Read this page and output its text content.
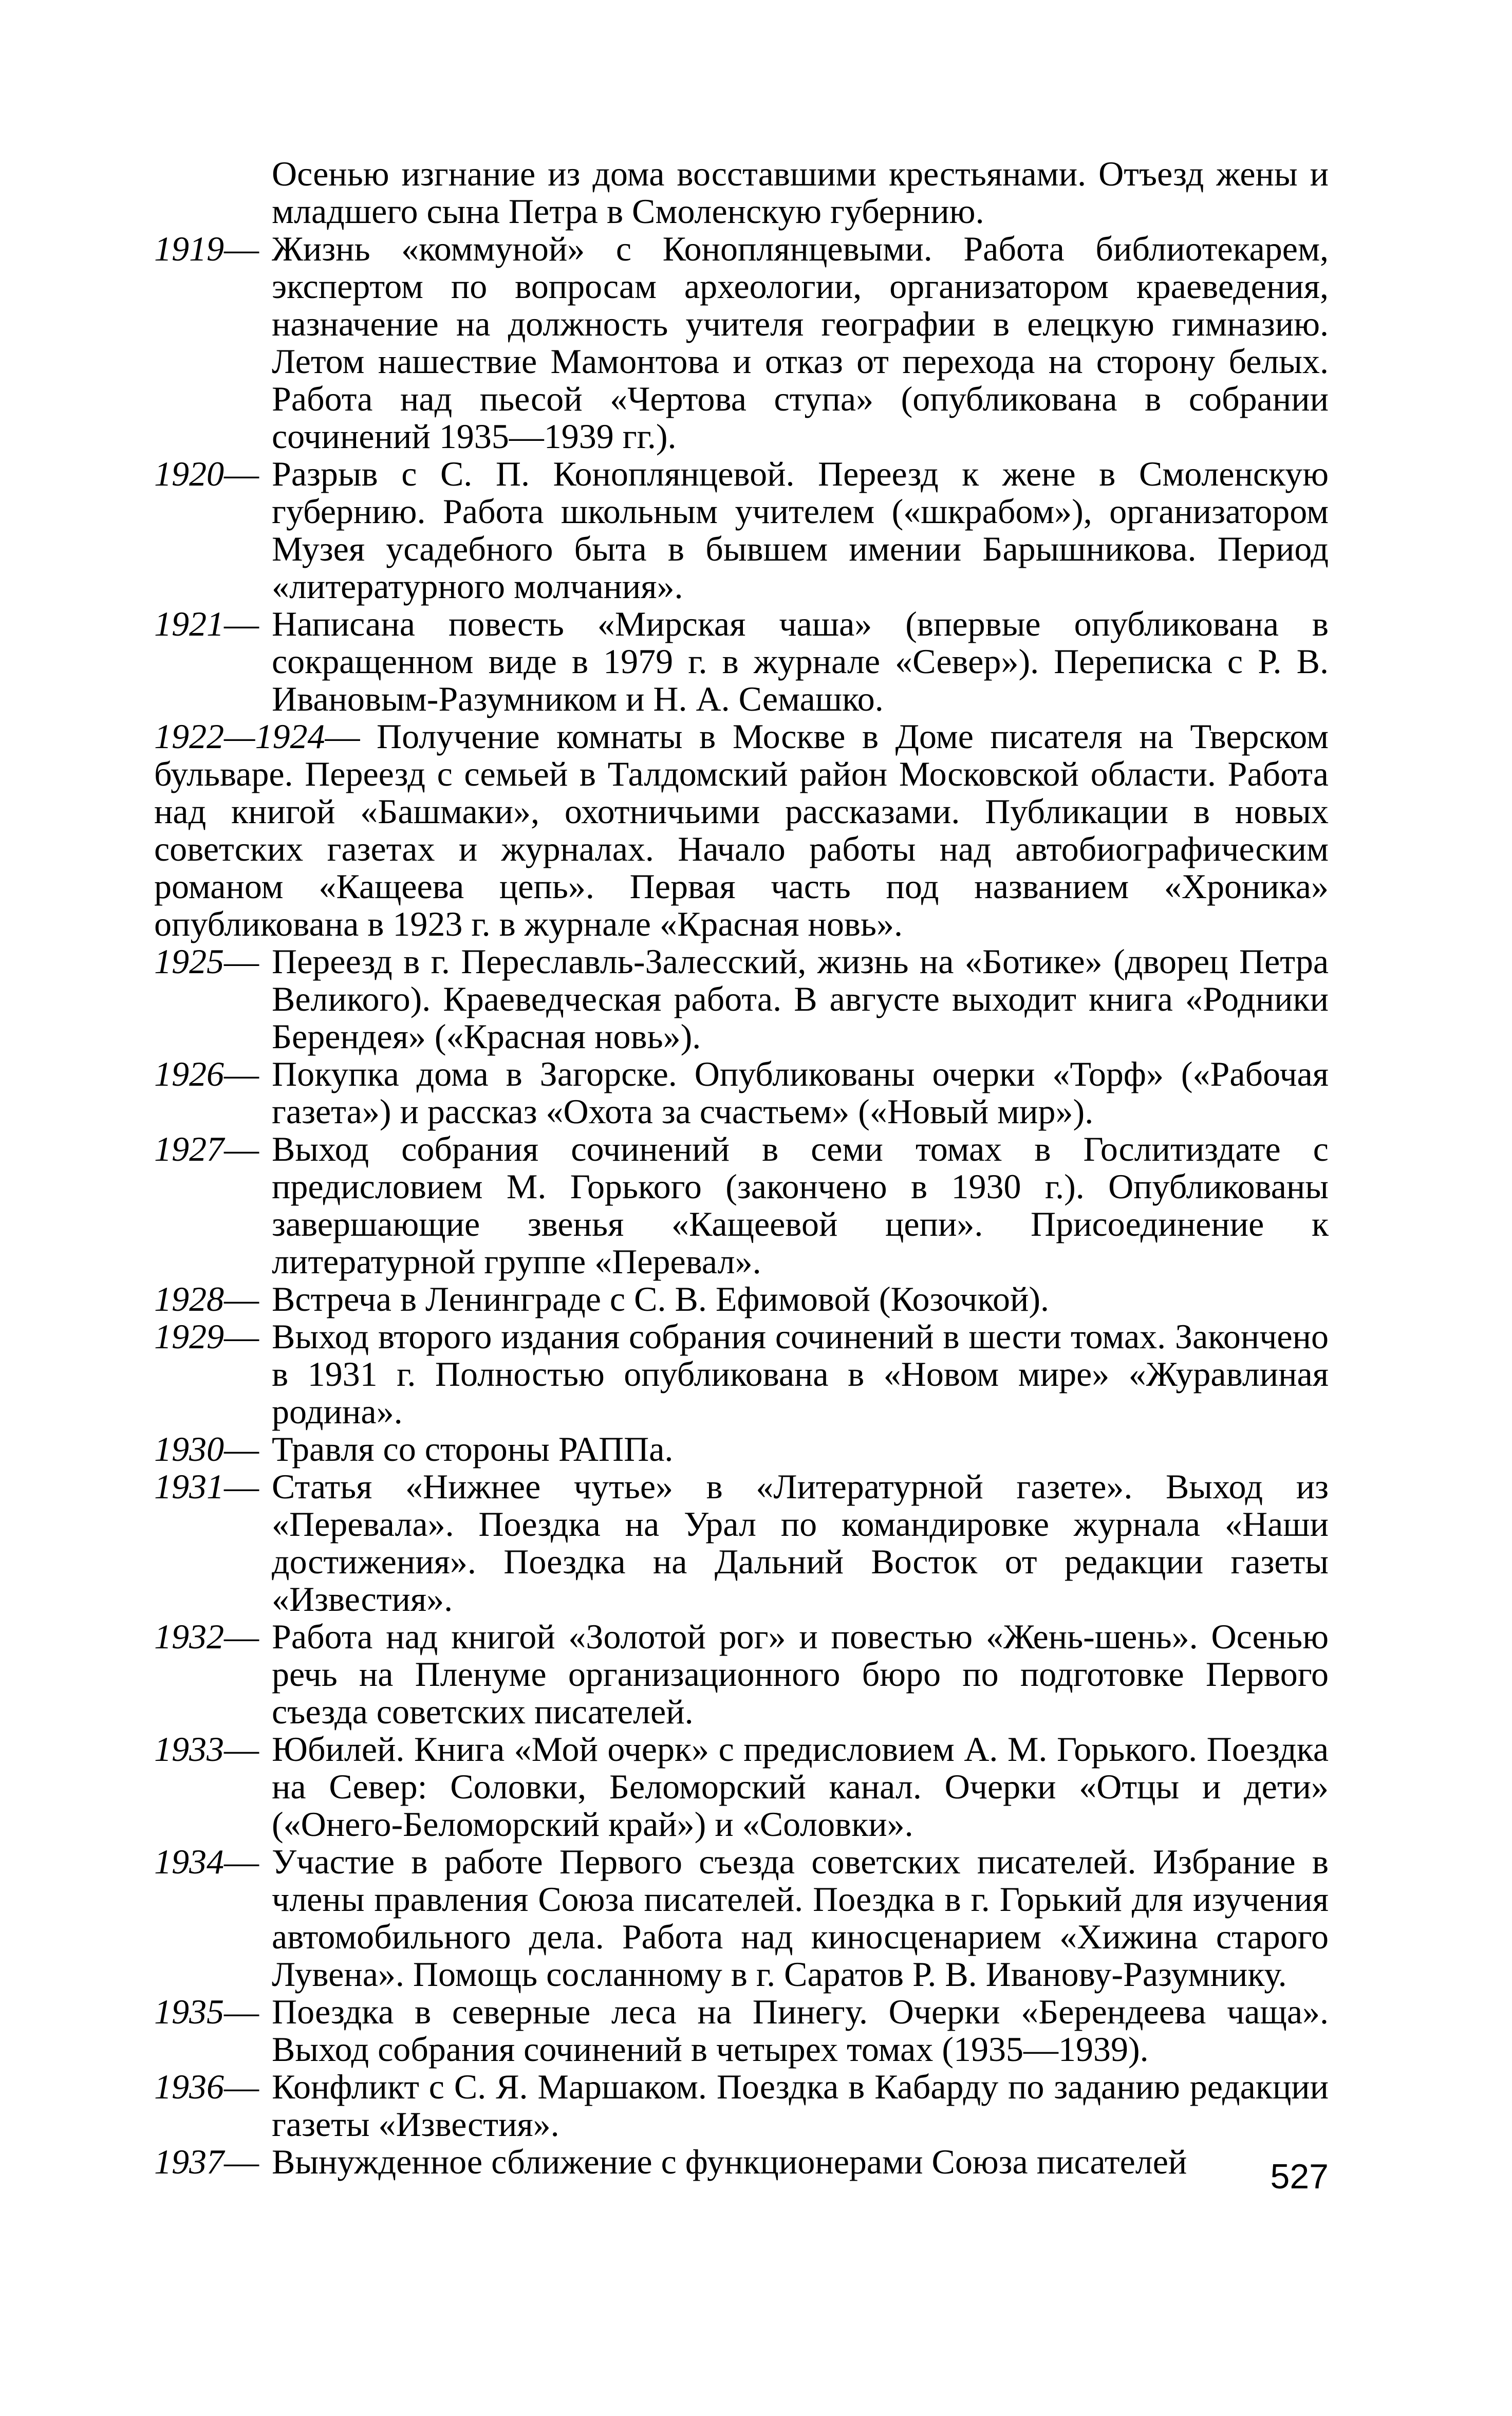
Осенью изгнание из дома восставшими крестьянами. Отъезд жены и младшего сына Петра в Смоленскую губернию.
1919— Жизнь «коммуной» с Коноплянцевыми. Работа библиотекарем, экспертом по вопросам археологии, организатором краеведения, назначение на должность учителя географии в елецкую гимназию. Летом нашествие Мамонтова и отказ от перехода на сторону белых. Работа над пьесой «Чертова ступа» (опубликована в собрании сочинений 1935—1939 гг.).
1920— Разрыв с С. П. Коноплянцевой. Переезд к жене в Смоленскую губернию. Работа школьным учителем («шкрабом»), организатором Музея усадебного быта в бывшем имении Барышникова. Период «литературного молчания».
1921— Написана повесть «Мирская чаша» (впервые опубликована в сокращенном виде в 1979 г. в журнале «Север»). Переписка с Р. В. Ивановым-Разумником и Н. А. Семашко.
1922—1924— Получение комнаты в Москве в Доме писателя на Тверском бульваре. Переезд с семьей в Талдомский район Московской области. Работа над книгой «Башмаки», охотничьими рассказами. Публикации в новых советских газетах и журналах. Начало работы над автобиографическим романом «Кащеева цепь». Первая часть под названием «Хроника» опубликована в 1923 г. в журнале «Красная новь».
1925— Переезд в г. Переславль-Залесский, жизнь на «Ботике» (дворец Петра Великого). Краеведческая работа. В августе выходит книга «Родники Берендея» («Красная новь»).
1926— Покупка дома в Загорске. Опубликованы очерки «Торф» («Рабочая газета») и рассказ «Охота за счастьем» («Новый мир»).
1927— Выход собрания сочинений в семи томах в Гослитиздате с предисловием М. Горького (закончено в 1930 г.). Опубликованы завершающие звенья «Кащеевой цепи». Присоединение к литературной группе «Перевал».
1928— Встреча в Ленинграде с С. В. Ефимовой (Козочкой).
1929— Выход второго издания собрания сочинений в шести томах. Закончено в 1931 г. Полностью опубликована в «Новом мире» «Журавлиная родина».
1930— Травля со стороны РАППа.
1931— Статья «Нижнее чутье» в «Литературной газете». Выход из «Перевала». Поездка на Урал по командировке журнала «Наши достижения». Поездка на Дальний Восток от редакции газеты «Известия».
1932— Работа над книгой «Золотой рог» и повестью «Жень-шень». Осенью речь на Пленуме организационного бюро по подготовке Первого съезда советских писателей.
1933— Юбилей. Книга «Мой очерк» с предисловием А. М. Горького. Поездка на Север: Соловки, Беломорский канал. Очерки «Отцы и дети» («Онего-Беломорский край») и «Соловки».
1934— Участие в работе Первого съезда советских писателей. Избрание в члены правления Союза писателей. Поездка в г. Горький для изучения автомобильного дела. Работа над киносценарием «Хижина старого Лувена». Помощь сосланному в г. Саратов Р. В. Иванову-Разумнику.
1935— Поездка в северные леса на Пинегу. Очерки «Берендеева чаща». Выход собрания сочинений в четырех томах (1935—1939).
1936— Конфликт с С. Я. Маршаком. Поездка в Кабарду по заданию редакции газеты «Известия».
1937— Вынужденное сближение с функционерами Союза писателей	527
